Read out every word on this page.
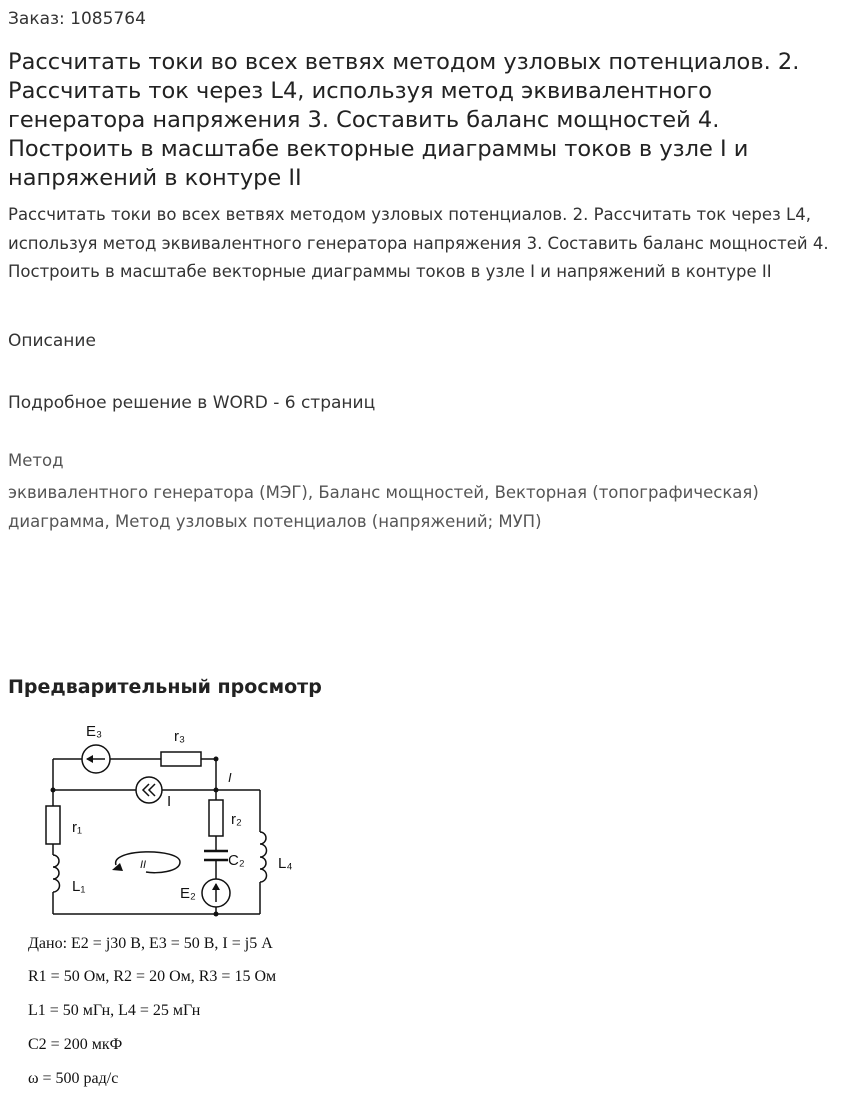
Заказ: 1085764
Рассчитать токи во всех ветвях методом узловых потенциалов. 2. Рассчитать ток через L4, используя метод эквивалентного генератора напряжения 3. Составить баланс мощностей 4. Построить в масштабе векторные диаграммы токов в узле I и напряжений в контуре II

Рассчитать токи во всех ветвях методом узловых потенциалов. 2. Рассчитать ток через L4, используя метод эквивалентного генератора напряжения 3. Составить баланс мощностей 4. Построить в масштабе векторные диаграммы токов в узле I и напряжений в контуре II

Описание
Подробное решение в WORD - 6 страниц
Метод
эквивалентного генератора (МЭГ), Баланс мощностей, Векторная (топографическая) диаграмма, Метод узловых потенциалов (напряжений; МУП)
Предварительный просмотр
E₃	r₃
I
I
r₁
L₁
r₂
C₂
E₂
L₄
II
Дано: E2 = j30 В, E3 = 50 В, I = j5 А
R1 = 50 Ом, R2 = 20 Ом, R3 = 15 Ом
L1 = 50 мГн, L4 = 25 мГн
C2 = 200 мкФ
ω = 500 рад/с
